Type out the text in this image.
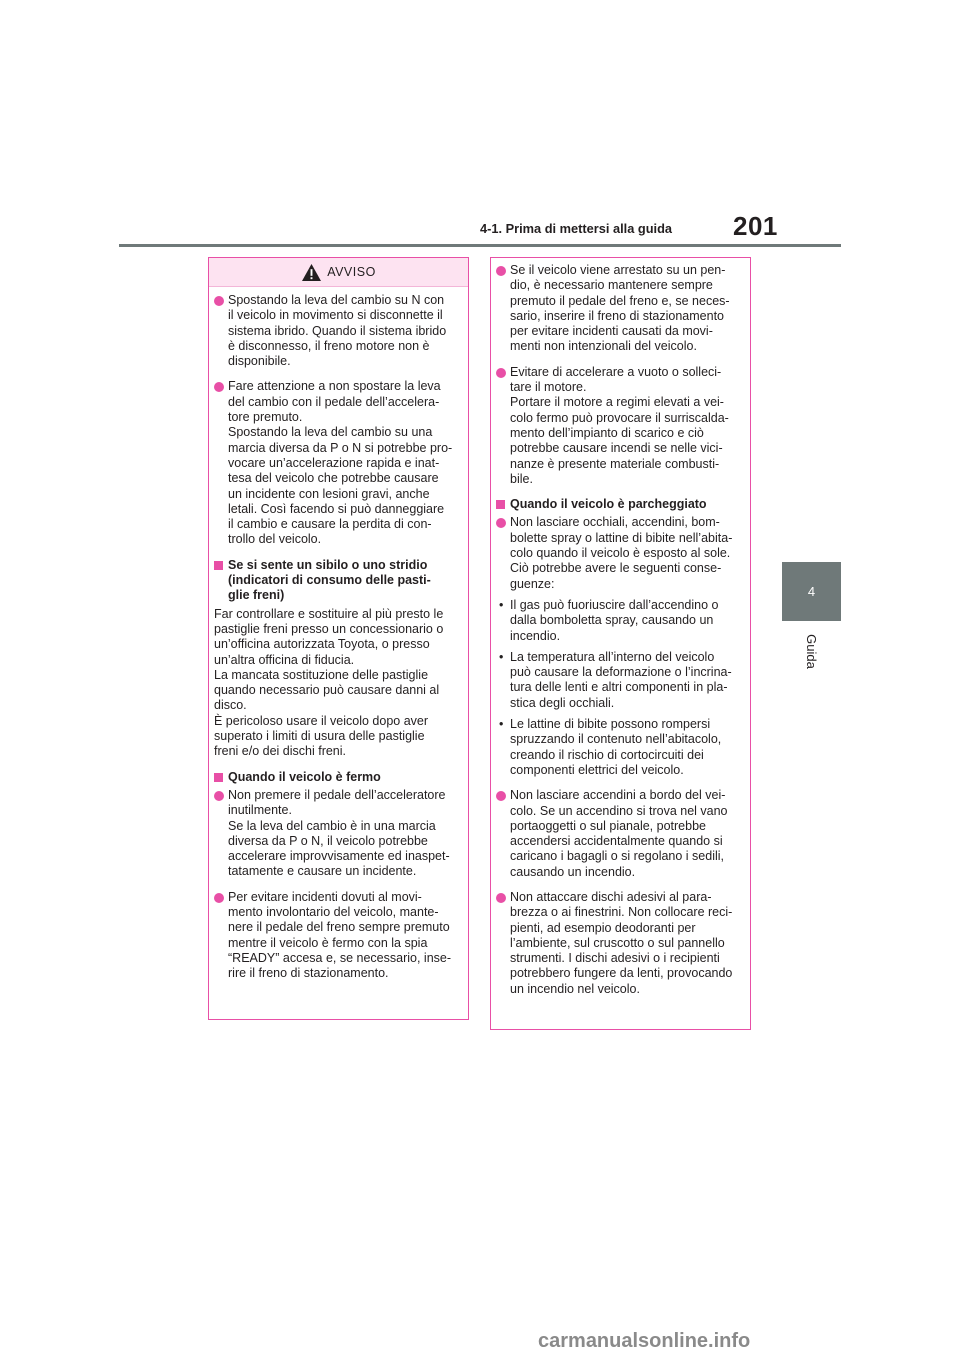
4-1. Prima di mettersi alla guida	201
4
Guida
AVVISO
Spostando la leva del cambio su N con
il veicolo in movimento si disconnette il
sistema ibrido. Quando il sistema ibrido
è disconnesso, il freno motore non è
disponibile.
Fare attenzione a non spostare la leva
del cambio con il pedale dell’accelera-
tore premuto.
Spostando la leva del cambio su una
marcia diversa da P o N si potrebbe pro-
vocare un’accelerazione rapida e inat-
tesa del veicolo che potrebbe causare
un incidente con lesioni gravi, anche
letali. Così facendo si può danneggiare
il cambio e causare la perdita di con-
trollo del veicolo.
Se si sente un sibilo o uno stridio
(indicatori di consumo delle pasti-
glie freni)
Far controllare e sostituire al più presto le
pastiglie freni presso un concessionario o
un’officina autorizzata Toyota, o presso
un’altra officina di fiducia.
La mancata sostituzione delle pastiglie
quando necessario può causare danni al
disco.
È pericoloso usare il veicolo dopo aver
superato i limiti di usura delle pastiglie
freni e/o dei dischi freni.
Quando il veicolo è fermo
Non premere il pedale dell’acceleratore
inutilmente.
Se la leva del cambio è in una marcia
diversa da P o N, il veicolo potrebbe
accelerare improvvisamente ed inaspet-
tatamente e causare un incidente.
Per evitare incidenti dovuti al movi-
mento involontario del veicolo, mante-
nere il pedale del freno sempre premuto
mentre il veicolo è fermo con la spia
“READY” accesa e, se necessario, inse-
rire il freno di stazionamento.
Se il veicolo viene arrestato su un pen-
dio, è necessario mantenere sempre
premuto il pedale del freno e, se neces-
sario, inserire il freno di stazionamento
per evitare incidenti causati da movi-
menti non intenzionali del veicolo.
Evitare di accelerare a vuoto o solleci-
tare il motore.
Portare il motore a regimi elevati a vei-
colo fermo può provocare il surriscalda-
mento dell’impianto di scarico e ciò
potrebbe causare incendi se nelle vici-
nanze è presente materiale combusti-
bile.
Quando il veicolo è parcheggiato
Non lasciare occhiali, accendini, bom-
bolette spray o lattine di bibite nell’abita-
colo quando il veicolo è esposto al sole.
Ciò potrebbe avere le seguenti conse-
guenze:
• Il gas può fuoriuscire dall’accendino o
dalla bomboletta spray, causando un
incendio.
• La temperatura all’interno del veicolo
può causare la deformazione o l’incrina-
tura delle lenti e altri componenti in pla-
stica degli occhiali.
• Le lattine di bibite possono rompersi
spruzzando il contenuto nell’abitacolo,
creando il rischio di cortocircuiti dei
componenti elettrici del veicolo.
Non lasciare accendini a bordo del vei-
colo. Se un accendino si trova nel vano
portaoggetti o sul pianale, potrebbe
accendersi accidentalmente quando si
caricano i bagagli o si regolano i sedili,
causando un incendio.
Non attaccare dischi adesivi al para-
brezza o ai finestrini. Non collocare reci-
pienti, ad esempio deodoranti per
l’ambiente, sul cruscotto o sul pannello
strumenti. I dischi adesivi o i recipienti
potrebbero fungere da lenti, provocando
un incendio nel veicolo.
carmanualsonline.info
